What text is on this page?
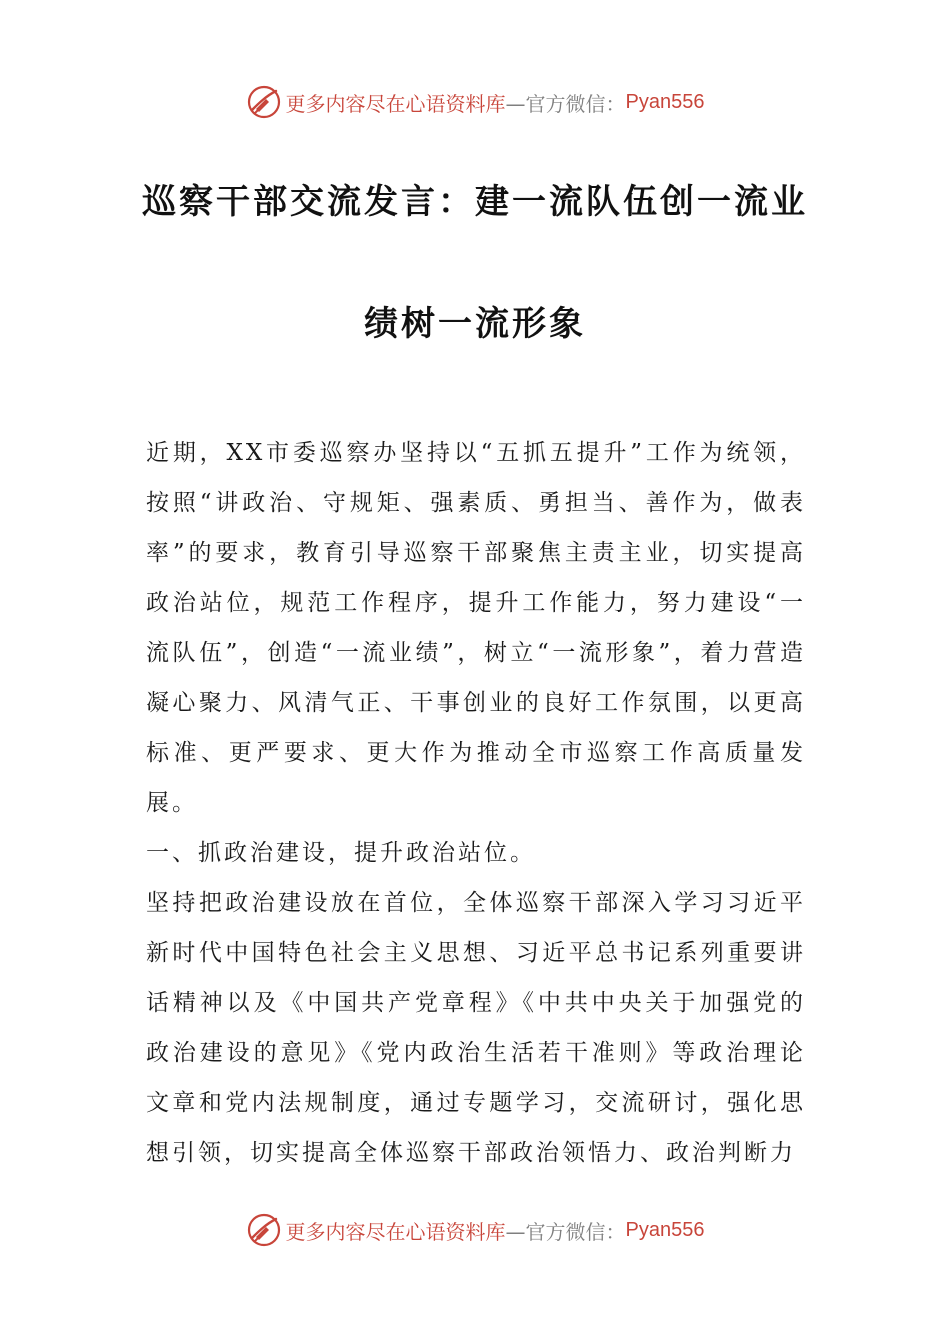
更多内容尽在心语资料库 —官方微信： Pyan556
巡察干部交流发言：建一流队伍创一流业
绩树一流形象

近期，XX市委巡察办坚持以“五抓五提升”工作为统领，按照“讲政治、守规矩、强素质、勇担当、善作为，做表率”的要求，教育引导巡察干部聚焦主责主业，切实提高政治站位，规范工作程序，提升工作能力，努力建设“一流队伍”，创造“一流业绩”，树立“一流形象”，着力营造凝心聚力、风清气正、干事创业的良好工作氛围，以更高标准、更严要求、更大作为推动全市巡察工作高质量发展。

一、抓政治建设，提升政治站位。

坚持把政治建设放在首位，全体巡察干部深入学习习近平新时代中国特色社会主义思想、习近平总书记系列重要讲话精神以及《中国共产党章程》《中共中央关于加强党的政治建设的意见》《党内政治生活若干准则》等政治理论文章和党内法规制度，通过专题学习，交流研讨，强化思想引领，切实提高全体巡察干部政治领悟力、政治判断力

更多内容尽在心语资料库 —官方微信： Pyan556
